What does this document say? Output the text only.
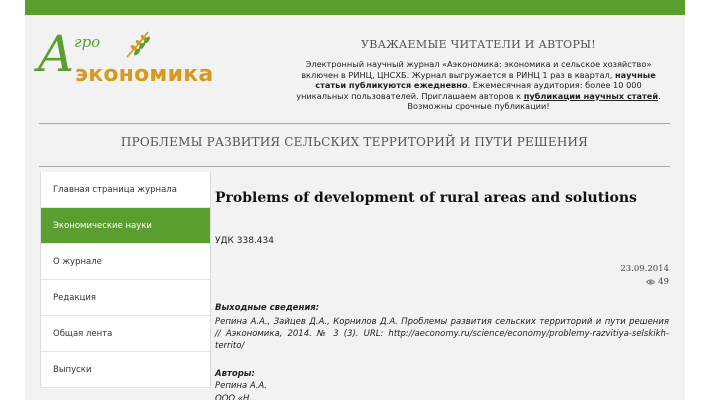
А гро
экономика
УВАЖАЕМЫЕ ЧИТАТЕЛИ И АВТОРЫ!
Электронный научный журнал «Аэкономика: экономика и сельское хозяйство» включен в РИНЦ, ЦНСХБ. Журнал выгружается в РИНЦ 1 раз в квартал, научные статьи публикуются ежедневно. Ежемесячная аудитория: более 10 000 уникальных пользователей. Приглашаем авторов к публикации научных статей. Возможны срочные публикации!
ПРОБЛЕМЫ РАЗВИТИЯ СЕЛЬСКИХ ТЕРРИТОРИЙ И ПУТИ РЕШЕНИЯ
Главная страница журнала
Экономические науки
О журнале
Редакция
Общая лента
Выпуски
Problems of development of rural areas and solutions
УДК 338.434
23.09.2014
49
Выходные сведения:
Репина А.А., Зайцев Д.А., Корнилов Д.А. Проблемы развития сельских территорий и пути решения // Аэкономика, 2014. № 3 (3). URL: http://aeconomy.ru/science/economy/problemy-razvitiya-selskikh-territo/
Авторы:
Репина А.А.
ООО «Н...
